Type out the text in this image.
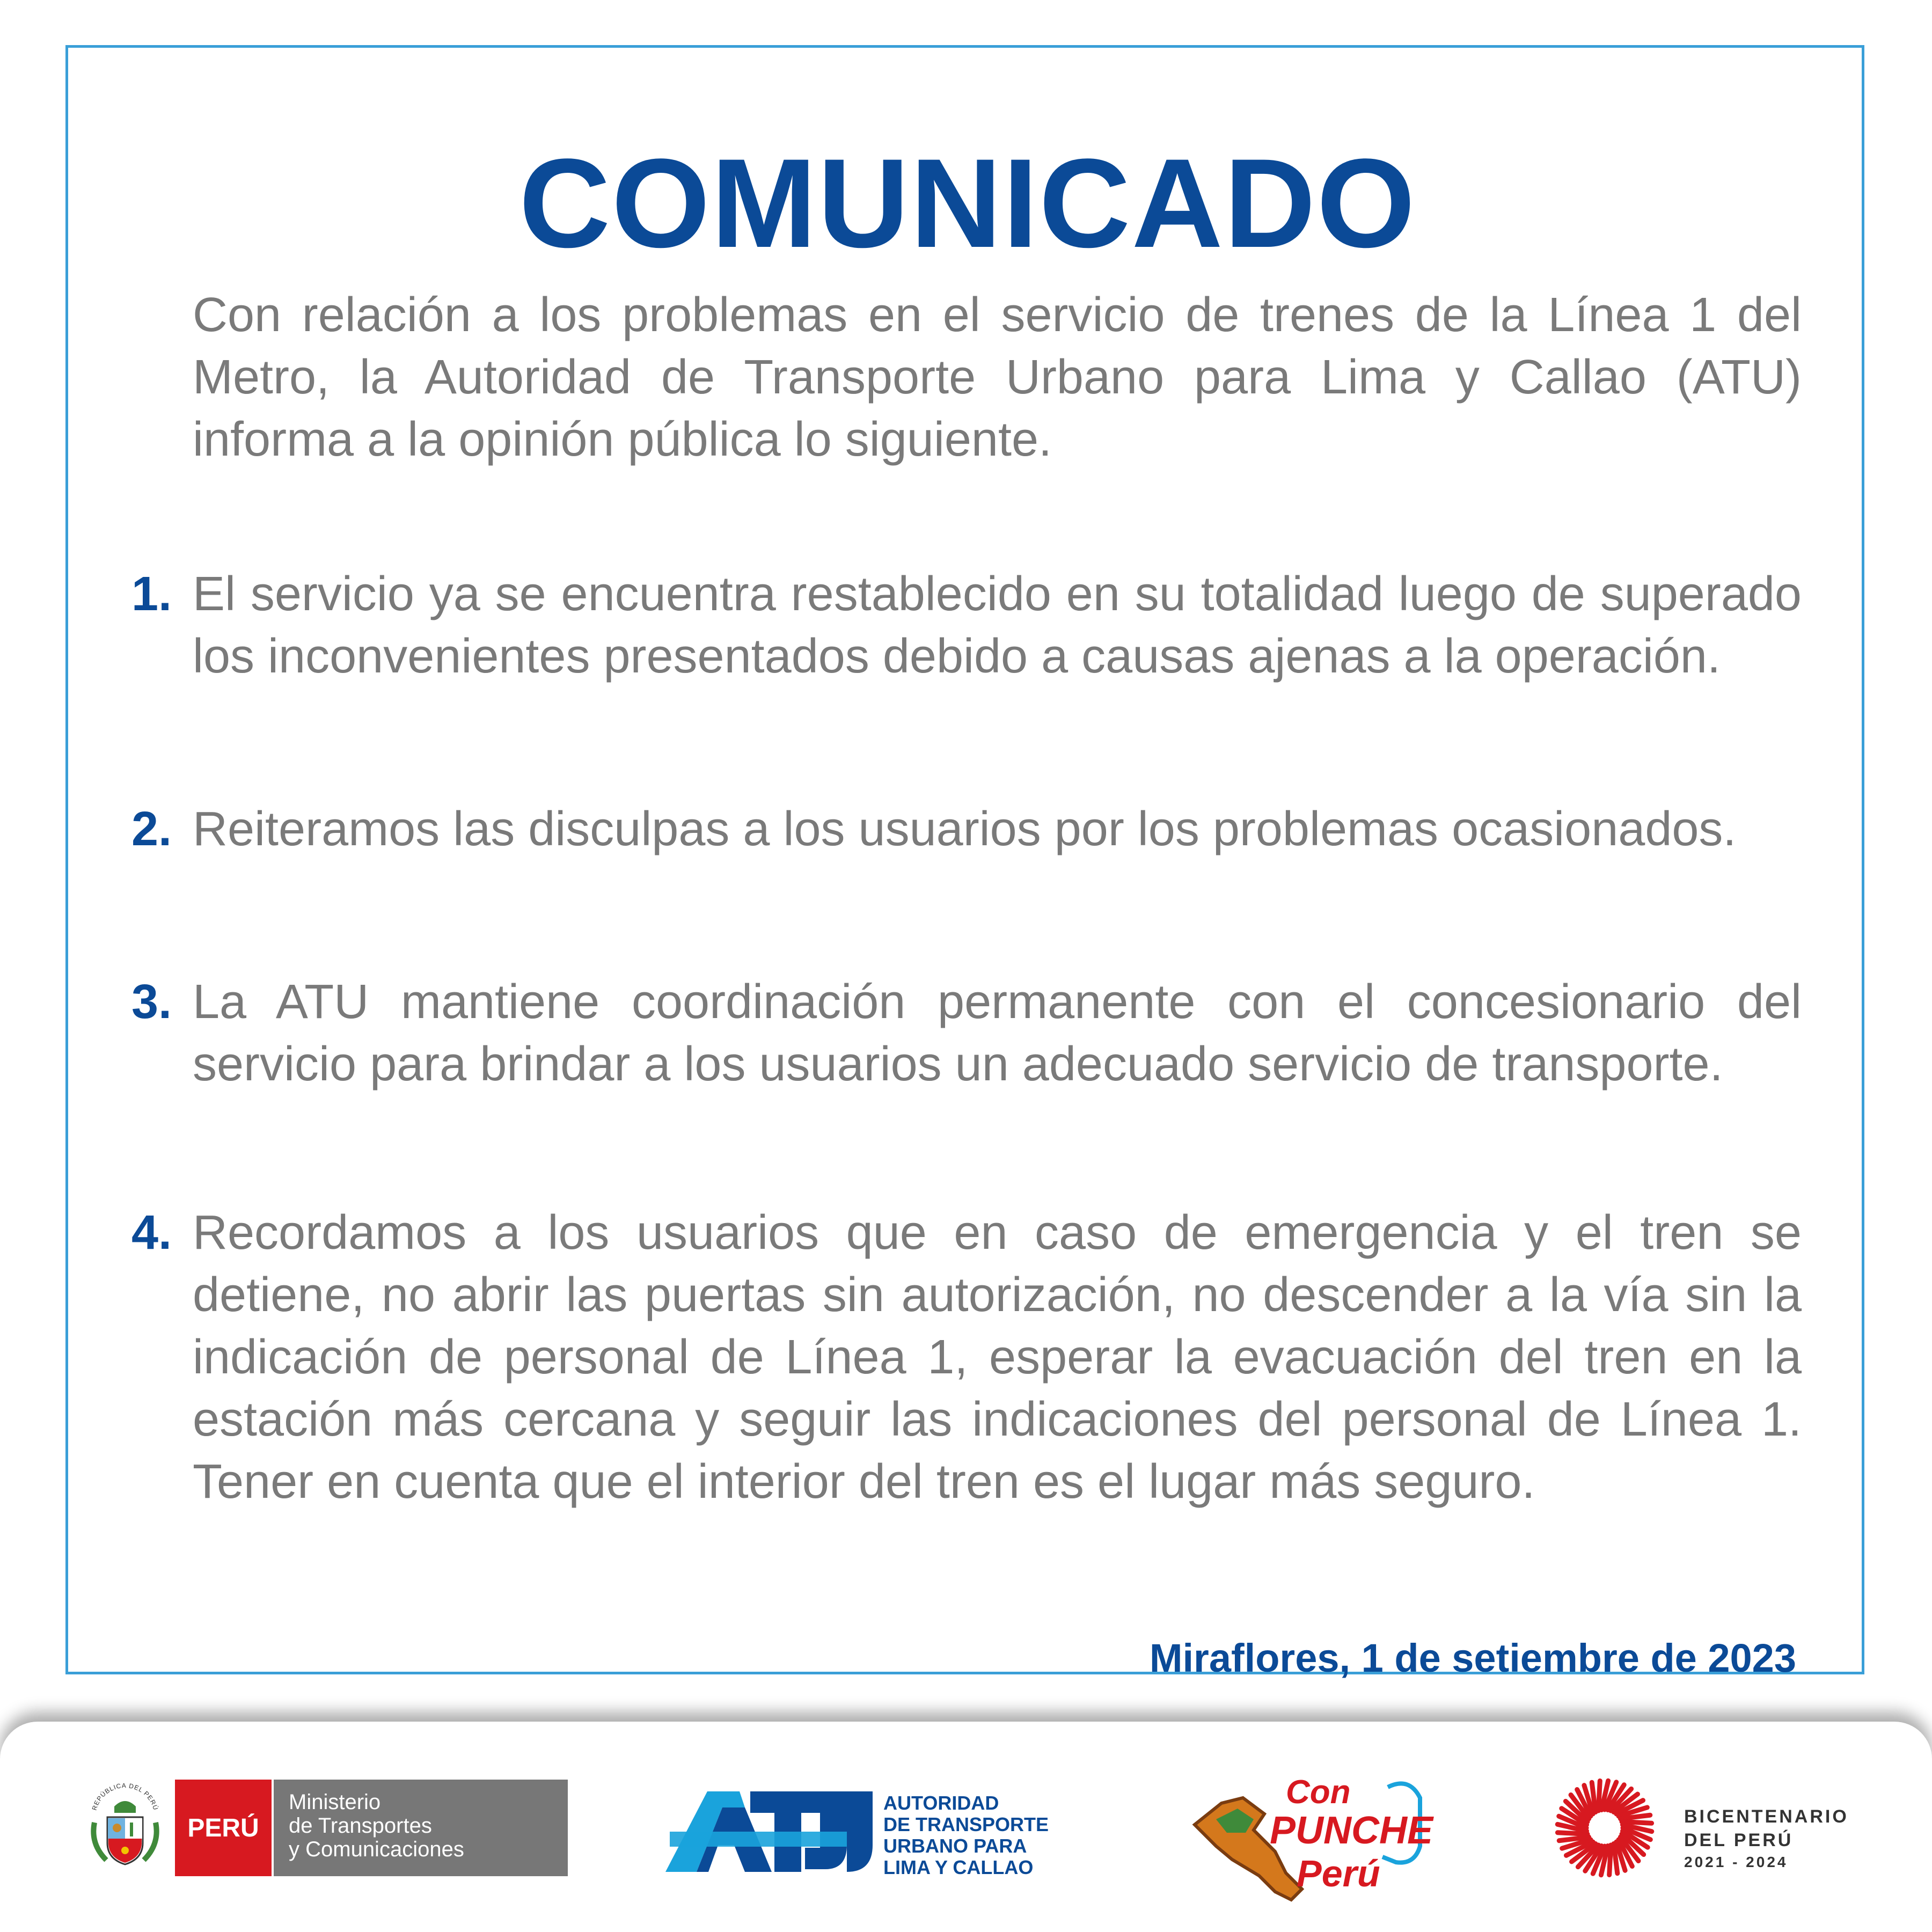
COMUNICADO

Con relación a los problemas en el servicio de trenes de la Línea 1 del Metro, la Autoridad de Transporte Urbano para Lima y Callao (ATU) informa a la opinión pública lo siguiente.

1. El servicio ya se encuentra restablecido en su totalidad luego de superado los inconvenientes presentados debido a causas ajenas a la operación.

2. Reiteramos las disculpas a los usuarios por los problemas ocasionados.

3. La ATU mantiene coordinación permanente con el concesionario del servicio para brindar a los usuarios un adecuado servicio de transporte.

4. Recordamos a los usuarios que en caso de emergencia y el tren se detiene, no abrir las puertas sin autorización, no descender a la vía sin la indicación de personal de Línea 1, esperar la evacuación del tren en la estación más cercana y seguir las indicaciones del personal de Línea 1. Tener en cuenta que el interior del tren es el lugar más seguro.

Miraflores, 1 de setiembre de 2023

REPÚBLICA DEL PERÚ
PERÚ
Ministerio
de Transportes
y Comunicaciones
AUTORIDAD
DE TRANSPORTE
URBANO PARA
LIMA Y CALLAO
Con
PUNCHE
Perú
BICENTENARIO
DEL PERÚ
2021 - 2024
